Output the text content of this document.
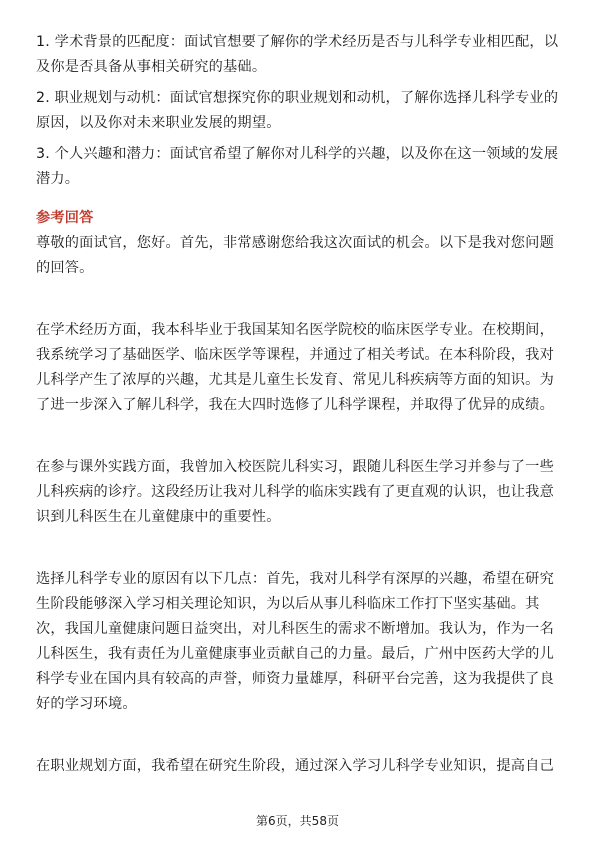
1. 学术背景的匹配度：面试官想要了解你的学术经历是否与儿科学专业相匹配，以
及你是否具备从事相关研究的基础。
2. 职业规划与动机：面试官想探究你的职业规划和动机，了解你选择儿科学专业的
原因，以及你对未来职业发展的期望。
3. 个人兴趣和潜力：面试官希望了解你对儿科学的兴趣，以及你在这一领域的发展
潜力。
参考回答
尊敬的面试官，您好。首先，非常感谢您给我这次面试的机会。以下是我对您问题
的回答。
在学术经历方面，我本科毕业于我国某知名医学院校的临床医学专业。在校期间，
我系统学习了基础医学、临床医学等课程，并通过了相关考试。在本科阶段，我对
儿科学产生了浓厚的兴趣，尤其是儿童生长发育、常见儿科疾病等方面的知识。为
了进一步深入了解儿科学，我在大四时选修了儿科学课程，并取得了优异的成绩。
在参与课外实践方面，我曾加入校医院儿科实习，跟随儿科医生学习并参与了一些
儿科疾病的诊疗。这段经历让我对儿科学的临床实践有了更直观的认识，也让我意
识到儿科医生在儿童健康中的重要性。
选择儿科学专业的原因有以下几点：首先，我对儿科学有深厚的兴趣，希望在研究
生阶段能够深入学习相关理论知识，为以后从事儿科临床工作打下坚实基础。其
次，我国儿童健康问题日益突出，对儿科医生的需求不断增加。我认为，作为一名
儿科医生，我有责任为儿童健康事业贡献自己的力量。最后，广州中医药大学的儿
科学专业在国内具有较高的声誉，师资力量雄厚，科研平台完善，这为我提供了良
好的学习环境。
在职业规划方面，我希望在研究生阶段，通过深入学习儿科学专业知识，提高自己
第6页，共58页
